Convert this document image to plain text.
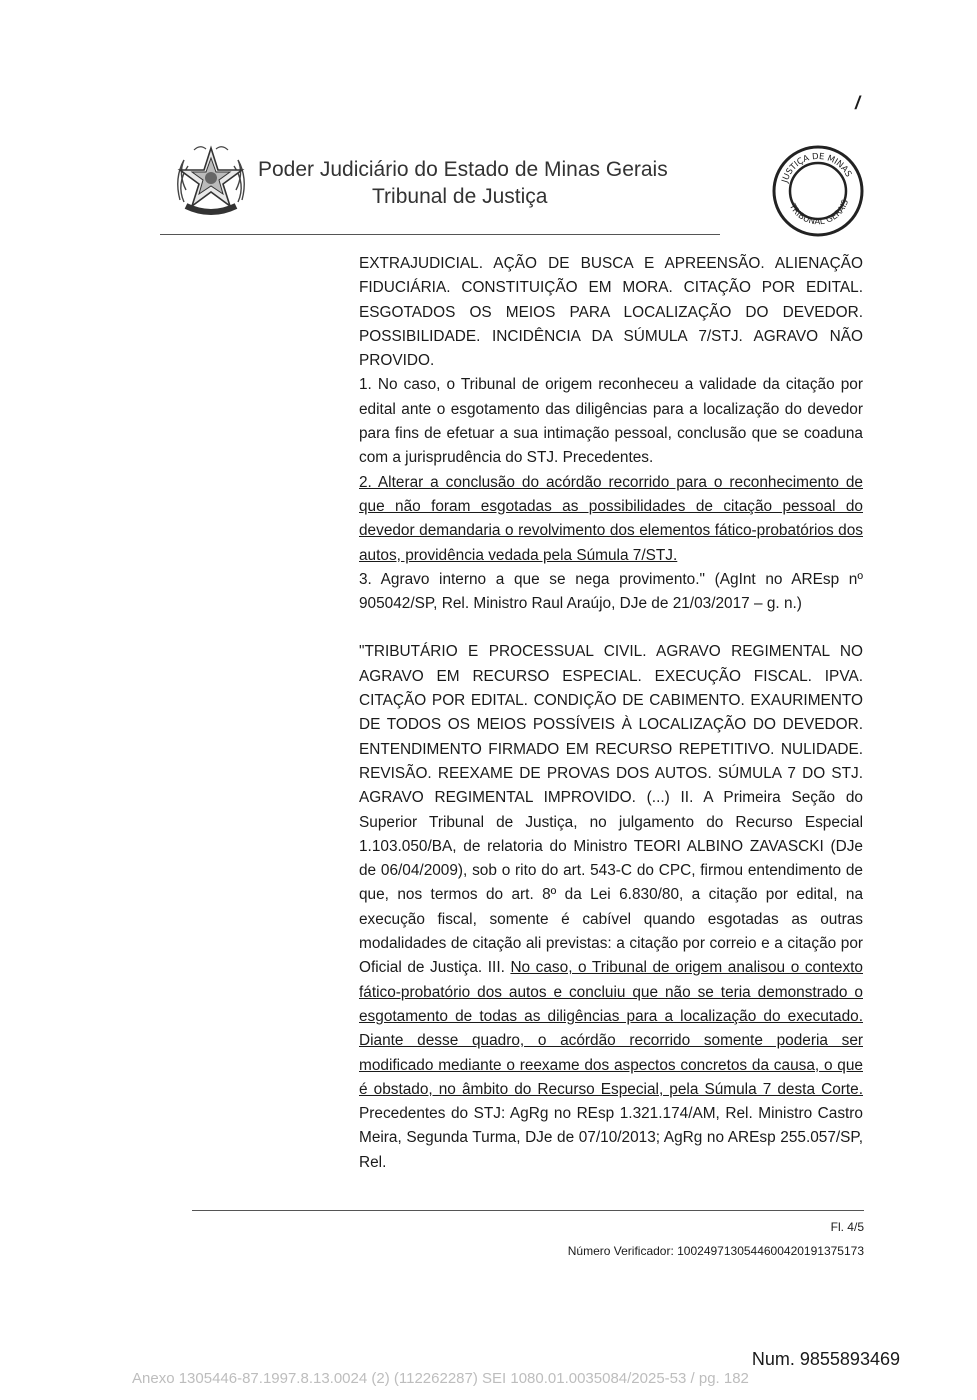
Poder Judiciário do Estado de Minas Gerais
Tribunal de Justiça
/
JUSTIÇA DE MINAS
TRIBUNAL GERAIS

EXTRAJUDICIAL. AÇÃO DE BUSCA E APREENSÃO. ALIENAÇÃO FIDUCIÁRIA. CONSTITUIÇÃO EM MORA. CITAÇÃO POR EDITAL. ESGOTADOS OS MEIOS PARA LOCALIZAÇÃO DO DEVEDOR. POSSIBILIDADE. INCIDÊNCIA DA SÚMULA 7/STJ. AGRAVO NÃO PROVIDO.

1. No caso, o Tribunal de origem reconheceu a validade da citação por edital ante o esgotamento das diligências para a localização do devedor para fins de efetuar a sua intimação pessoal, conclusão que se coaduna com a jurisprudência do STJ. Precedentes.

2. Alterar a conclusão do acórdão recorrido para o reconhecimento de que não foram esgotadas as possibilidades de citação pessoal do devedor demandaria o revolvimento dos elementos fático-probatórios dos autos, providência vedada pela Súmula 7/STJ.

3. Agravo interno a que se nega provimento." (AgInt no AREsp nº 905042/SP, Rel. Ministro Raul Araújo, DJe de 21/03/2017 – g. n.)

"TRIBUTÁRIO E PROCESSUAL CIVIL. AGRAVO REGIMENTAL NO AGRAVO EM RECURSO ESPECIAL. EXECUÇÃO FISCAL. IPVA. CITAÇÃO POR EDITAL. CONDIÇÃO DE CABIMENTO. EXAURIMENTO DE TODOS OS MEIOS POSSÍVEIS À LOCALIZAÇÃO DO DEVEDOR. ENTENDIMENTO FIRMADO EM RECURSO REPETITIVO. NULIDADE. REVISÃO. REEXAME DE PROVAS DOS AUTOS. SÚMULA 7 DO STJ. AGRAVO REGIMENTAL IMPROVIDO. (...) II. A Primeira Seção do Superior Tribunal de Justiça, no julgamento do Recurso Especial 1.103.050/BA, de relatoria do Ministro TEORI ALBINO ZAVASCKI (DJe de 06/04/2009), sob o rito do art. 543-C do CPC, firmou entendimento de que, nos termos do art. 8º da Lei 6.830/80, a citação por edital, na execução fiscal, somente é cabível quando esgotadas as outras modalidades de citação ali previstas: a citação por correio e a citação por Oficial de Justiça. III. No caso, o Tribunal de origem analisou o contexto fático-probatório dos autos e concluiu que não se teria demonstrado o esgotamento de todas as diligências para a localização do executado. Diante desse quadro, o acórdão recorrido somente poderia ser modificado mediante o reexame dos aspectos concretos da causa, o que é obstado, no âmbito do Recurso Especial, pela Súmula 7 desta Corte. Precedentes do STJ: AgRg no REsp 1.321.174/AM, Rel. Ministro Castro Meira, Segunda Turma, DJe de 07/10/2013; AgRg no AREsp 255.057/SP, Rel.

Fl. 4/5
Número Verificador: 1002497130544600420191375173
Num. 9855893469
Anexo 1305446-87.1997.8.13.0024 (2) (112262287) SEI 1080.01.0035084/2025-53 / pg. 182
